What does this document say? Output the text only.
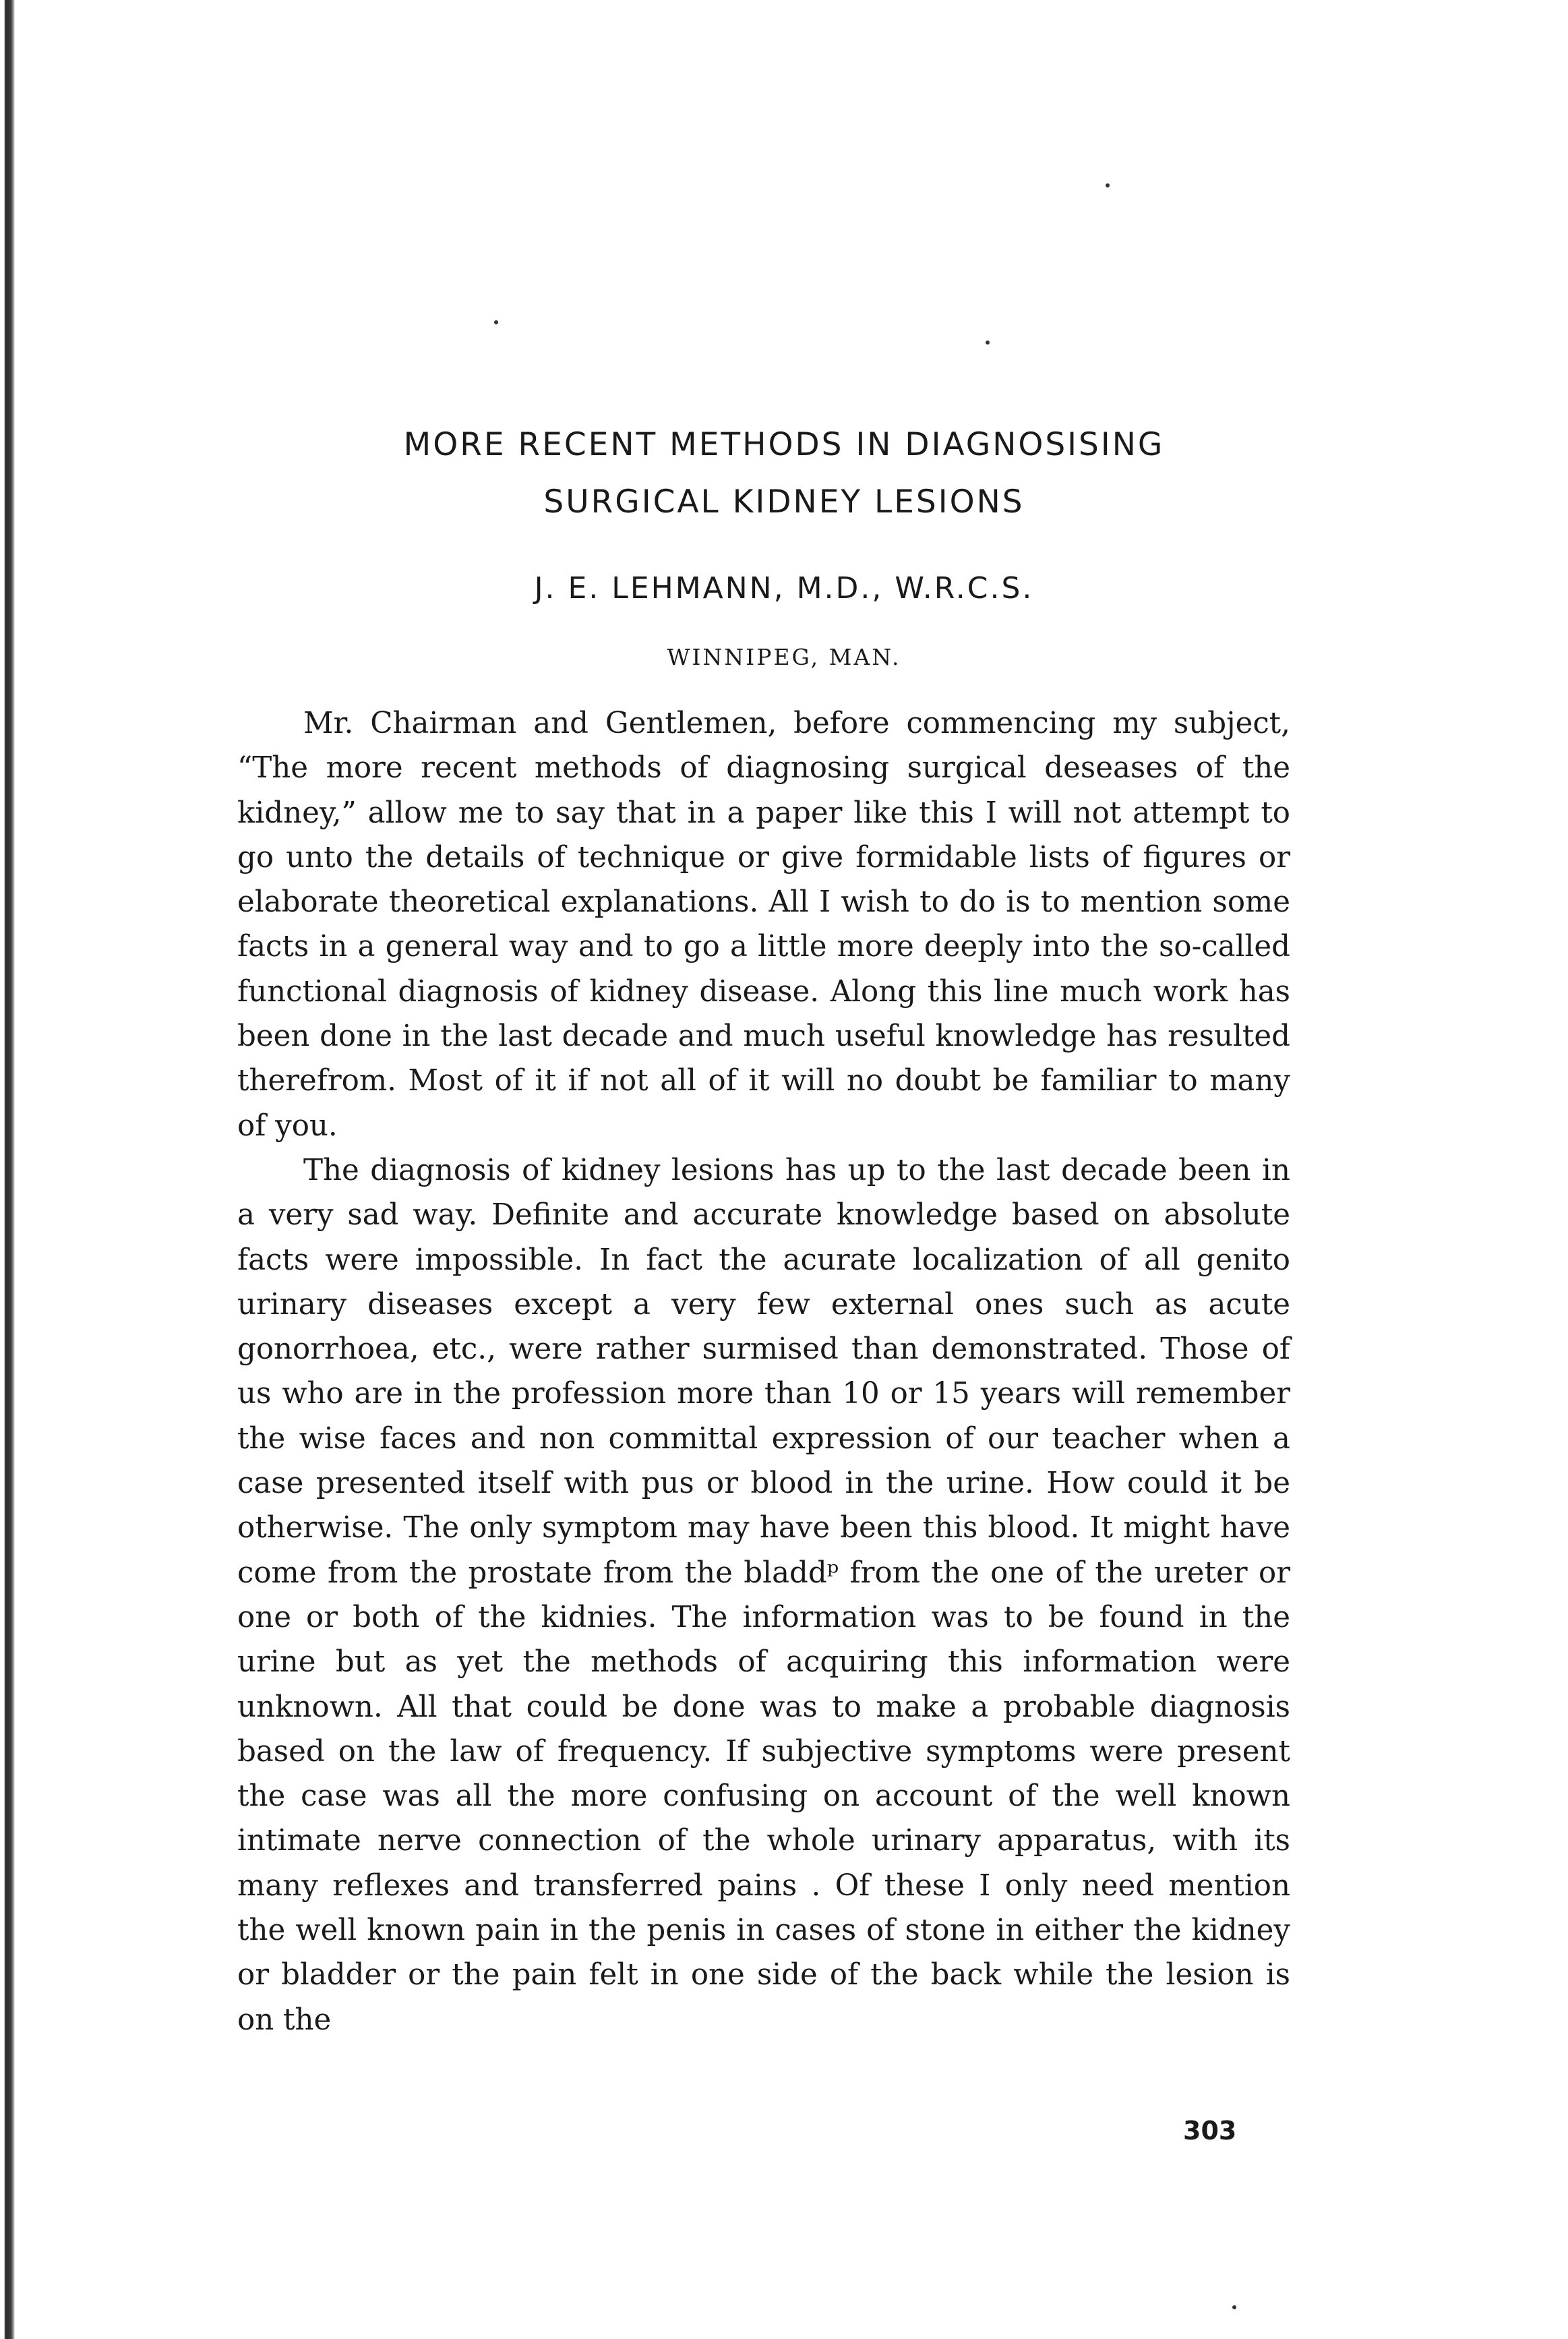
MORE RECENT METHODS IN DIAGNOSISING
SURGICAL KIDNEY LESIONS
J. E. LEHMANN, M.D., W.R.C.S.
WINNIPEG, MAN.

Mr. Chairman and Gentlemen, before commencing my subject, “The more recent methods of diagnosing surgical deseases of the kidney,” allow me to say that in a paper like this I will not attempt to go unto the details of technique or give formidable lists of figures or elaborate theoretical explanations. All I wish to do is to mention some facts in a general way and to go a little more deeply into the so-called functional diagnosis of kidney disease. Along this line much work has been done in the last decade and much useful knowledge has resulted therefrom. Most of it if not all of it will no doubt be familiar to many of you.

The diagnosis of kidney lesions has up to the last decade been in a very sad way. Definite and accurate knowledge based on absolute facts were impossible. In fact the acurate localization of all genito urinary diseases except a very few external ones such as acute gonorrhoea, etc., were rather surmised than demonstrated. Those of us who are in the profession more than 10 or 15 years will remember the wise faces and non committal expression of our teacher when a case presented itself with pus or blood in the urine. How could it be otherwise. The only symptom may have been this blood. It might have come from the prostate from the bladdᵖ from the one of the ureter or one or both of the kidnies. The information was to be found in the urine but as yet the methods of acquiring this information were unknown. All that could be done was to make a probable diagnosis based on the law of frequency. If subjective symptoms were present the case was all the more confusing on account of the well known intimate nerve connection of the whole urinary apparatus, with its many reflexes and transferred pains . Of these I only need mention the well known pain in the penis in cases of stone in either the kidney or bladder or the pain felt in one side of the back while the lesion is on the

303
